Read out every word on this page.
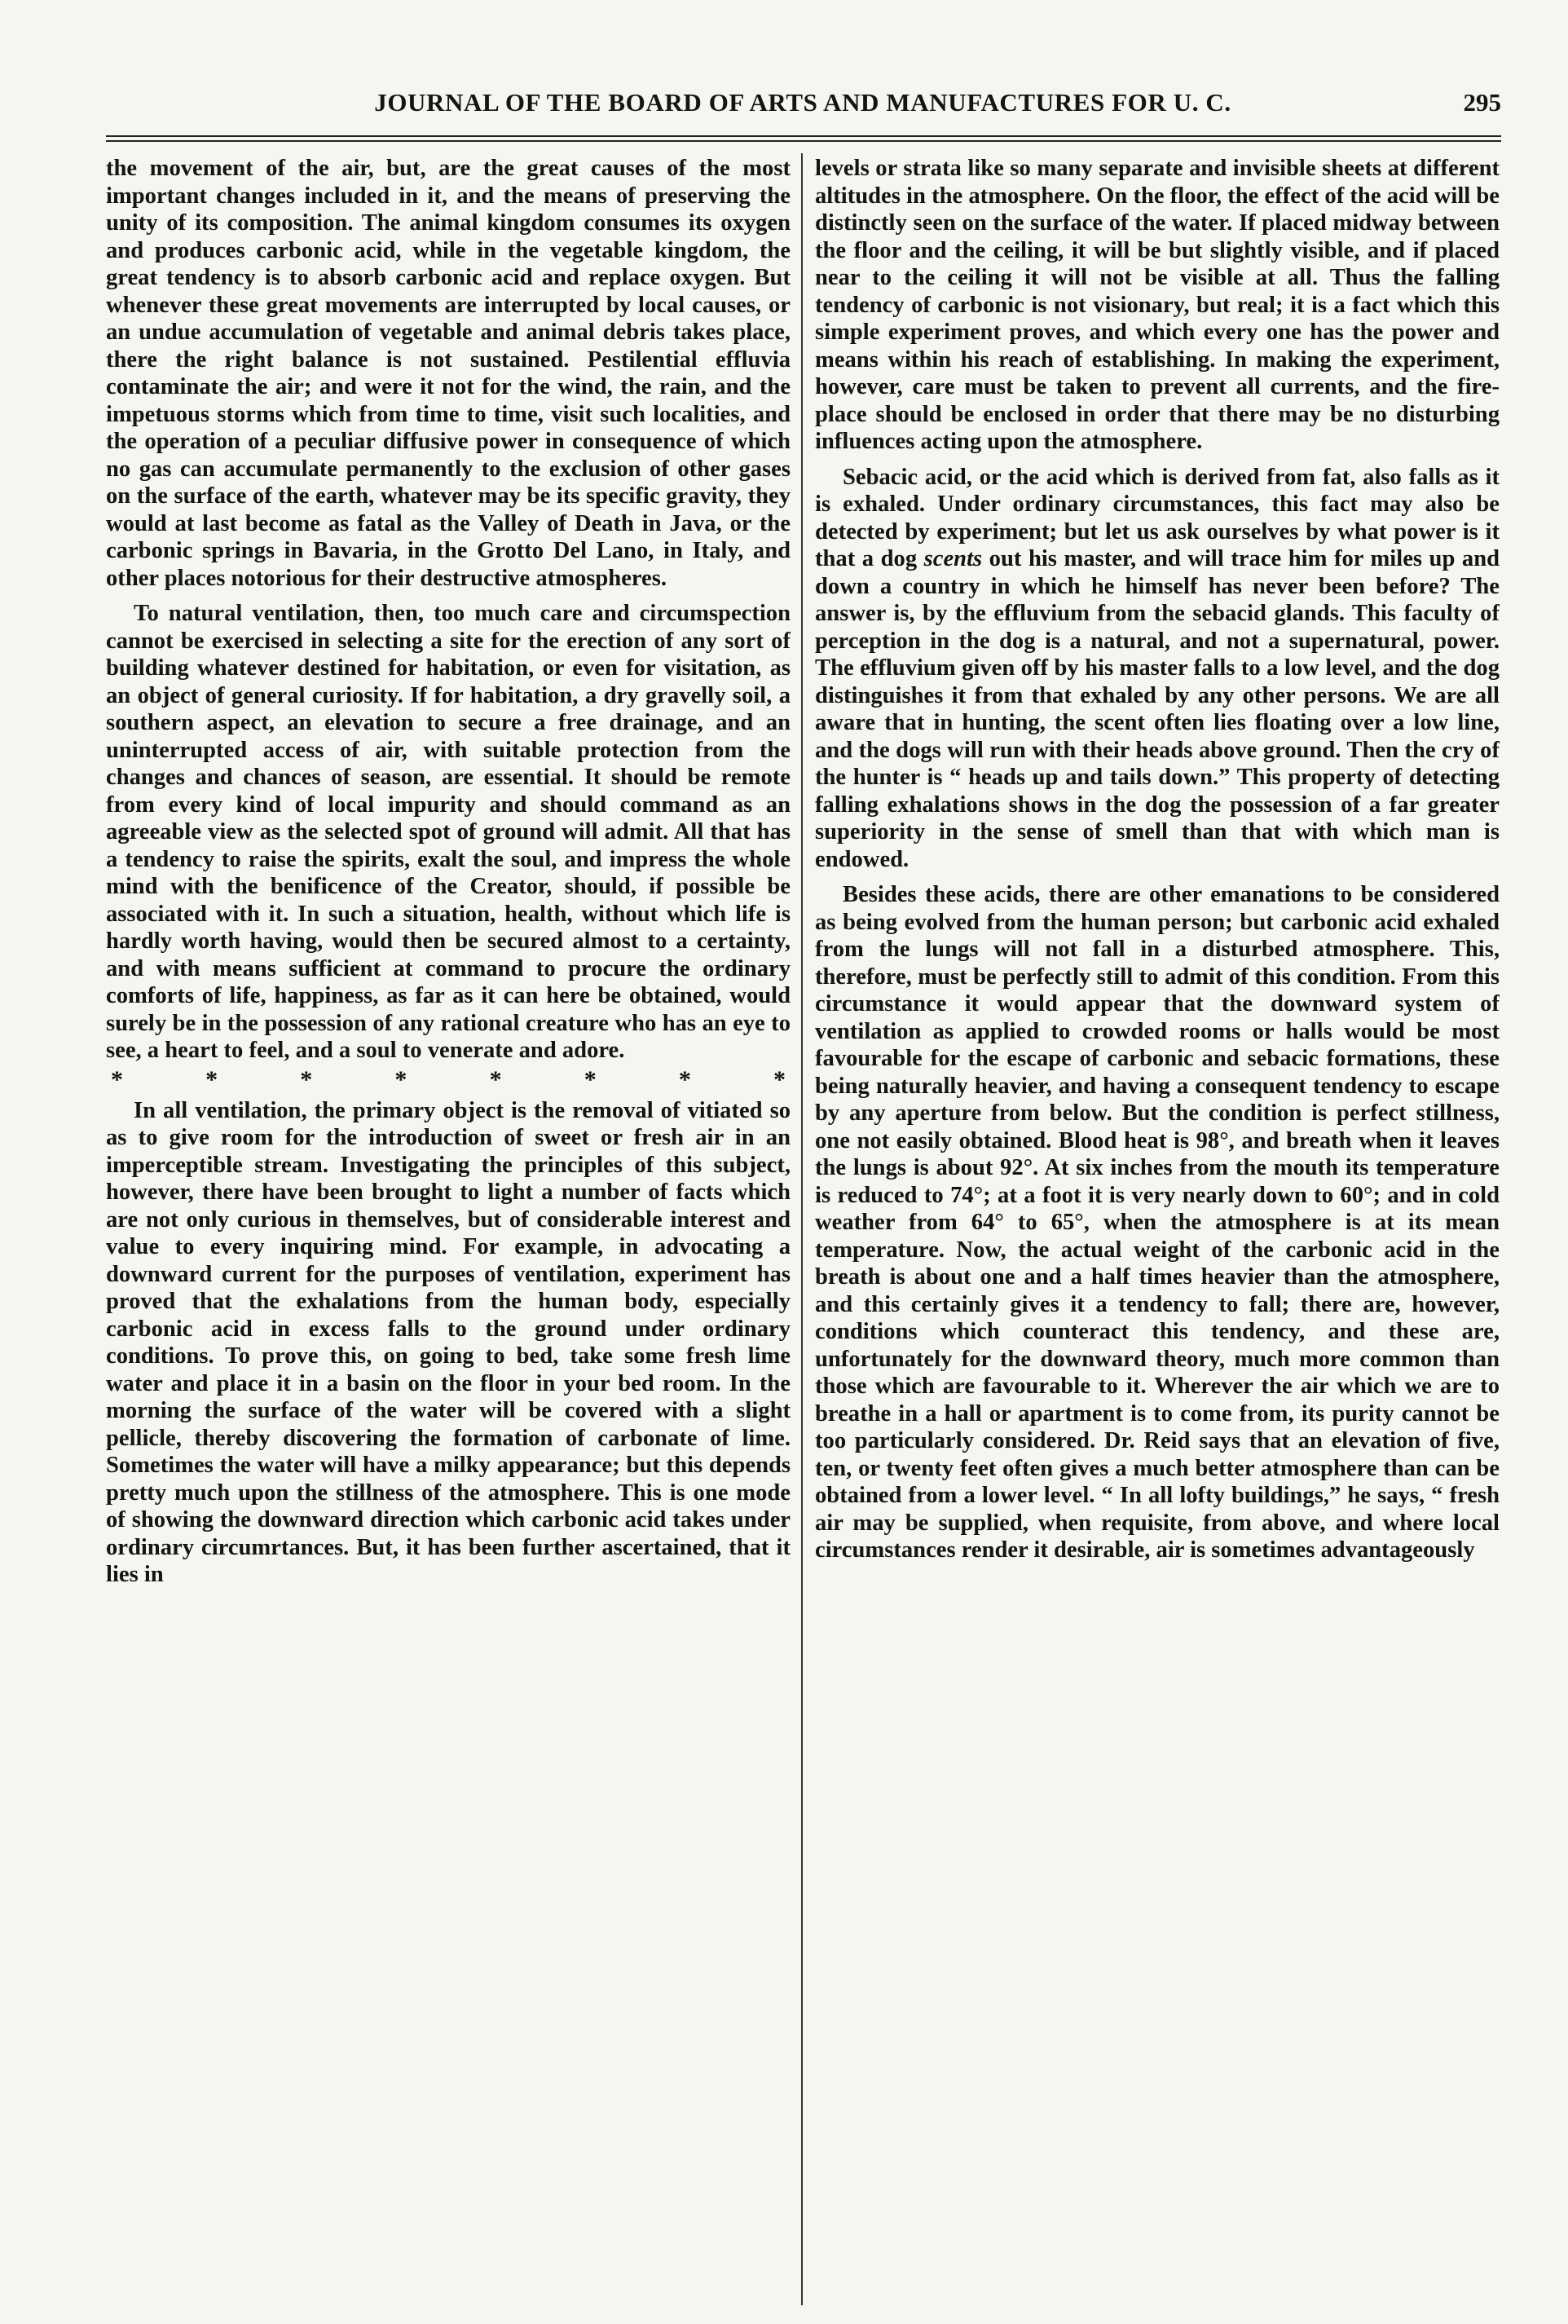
JOURNAL OF THE BOARD OF ARTS AND MANUFACTURES FOR U. C.	295

the movement of the air, but, are the great causes of the most important changes included in it, and the means of preserving the unity of its composition. The animal kingdom consumes its oxygen and produces carbonic acid, while in the vegetable kingdom, the great tendency is to absorb carbonic acid and replace oxygen. But whenever these great movements are interrupted by local causes, or an undue accumulation of vegetable and animal debris takes place, there the right balance is not sustained. Pestilential effluvia contaminate the air; and were it not for the wind, the rain, and the impetuous storms which from time to time, visit such localities, and the operation of a peculiar diffusive power in consequence of which no gas can accumulate permanently to the exclusion of other gases on the surface of the earth, whatever may be its specific gravity, they would at last become as fatal as the Valley of Death in Java, or the carbonic springs in Bavaria, in the Grotto Del Lano, in Italy, and other places notorious for their destructive atmospheres.

To natural ventilation, then, too much care and circumspection cannot be exercised in selecting a site for the erection of any sort of building whatever destined for habitation, or even for visitation, as an object of general curiosity. If for habitation, a dry gravelly soil, a southern aspect, an elevation to secure a free drainage, and an uninterrupted access of air, with suitable protection from the changes and chances of season, are essential. It should be remote from every kind of local impurity and should command as an agreeable view as the selected spot of ground will admit. All that has a tendency to raise the spirits, exalt the soul, and impress the whole mind with the benificence of the Creator, should, if possible be associated with it. In such a situation, health, without which life is hardly worth having, would then be secured almost to a certainty, and with means sufficient at command to procure the ordinary comforts of life, happiness, as far as it can here be obtained, would surely be in the possession of any rational creature who has an eye to see, a heart to feel, and a soul to venerate and adore.

*	*	*	*	*	*	*	*

In all ventilation, the primary object is the removal of vitiated so as to give room for the introduction of sweet or fresh air in an imperceptible stream. Investigating the principles of this subject, however, there have been brought to light a number of facts which are not only curious in themselves, but of considerable interest and value to every inquiring mind. For example, in advocating a downward current for the purposes of ventilation, experiment has proved that the exhalations from the human body, especially carbonic acid in excess falls to the ground under ordinary conditions. To prove this, on going to bed, take some fresh lime water and place it in a basin on the floor in your bed room. In the morning the surface of the water will be covered with a slight pellicle, thereby discovering the formation of carbonate of lime. Sometimes the water will have a milky appearance; but this depends pretty much upon the stillness of the atmosphere. This is one mode of showing the downward direction which carbonic acid takes under ordinary circumrtances. But, it has been further ascertained, that it lies in

levels or strata like so many separate and invisible sheets at different altitudes in the atmosphere. On the floor, the effect of the acid will be distinctly seen on the surface of the water. If placed midway between the floor and the ceiling, it will be but slightly visible, and if placed near to the ceiling it will not be visible at all. Thus the falling tendency of carbonic is not visionary, but real; it is a fact which this simple experiment proves, and which every one has the power and means within his reach of establishing. In making the experiment, however, care must be taken to prevent all currents, and the fire-place should be enclosed in order that there may be no disturbing influences acting upon the atmosphere.

Sebacic acid, or the acid which is derived from fat, also falls as it is exhaled. Under ordinary circumstances, this fact may also be detected by experiment; but let us ask ourselves by what power is it that a dog scents out his master, and will trace him for miles up and down a country in which he himself has never been before? The answer is, by the effluvium from the sebacid glands. This faculty of perception in the dog is a natural, and not a supernatural, power. The effluvium given off by his master falls to a low level, and the dog distinguishes it from that exhaled by any other persons. We are all aware that in hunting, the scent often lies floating over a low line, and the dogs will run with their heads above ground. Then the cry of the hunter is “ heads up and tails down.” This property of detecting falling exhalations shows in the dog the possession of a far greater superiority in the sense of smell than that with which man is endowed.

Besides these acids, there are other emanations to be considered as being evolved from the human person; but carbonic acid exhaled from the lungs will not fall in a disturbed atmosphere. This, therefore, must be perfectly still to admit of this condition. From this circumstance it would appear that the downward system of ventilation as applied to crowded rooms or halls would be most favourable for the escape of carbonic and sebacic formations, these being naturally heavier, and having a consequent tendency to escape by any aperture from below. But the condition is perfect stillness, one not easily obtained. Blood heat is 98°, and breath when it leaves the lungs is about 92°. At six inches from the mouth its temperature is reduced to 74°; at a foot it is very nearly down to 60°; and in cold weather from 64° to 65°, when the atmosphere is at its mean temperature. Now, the actual weight of the carbonic acid in the breath is about one and a half times heavier than the atmosphere, and this certainly gives it a tendency to fall; there are, however, conditions which counteract this tendency, and these are, unfortunately for the downward theory, much more common than those which are favourable to it. Wherever the air which we are to breathe in a hall or apartment is to come from, its purity cannot be too particularly considered. Dr. Reid says that an elevation of five, ten, or twenty feet often gives a much better atmosphere than can be obtained from a lower level. “ In all lofty buildings,” he says, “ fresh air may be supplied, when requisite, from above, and where local circumstances render it desirable, air is sometimes advantageously
